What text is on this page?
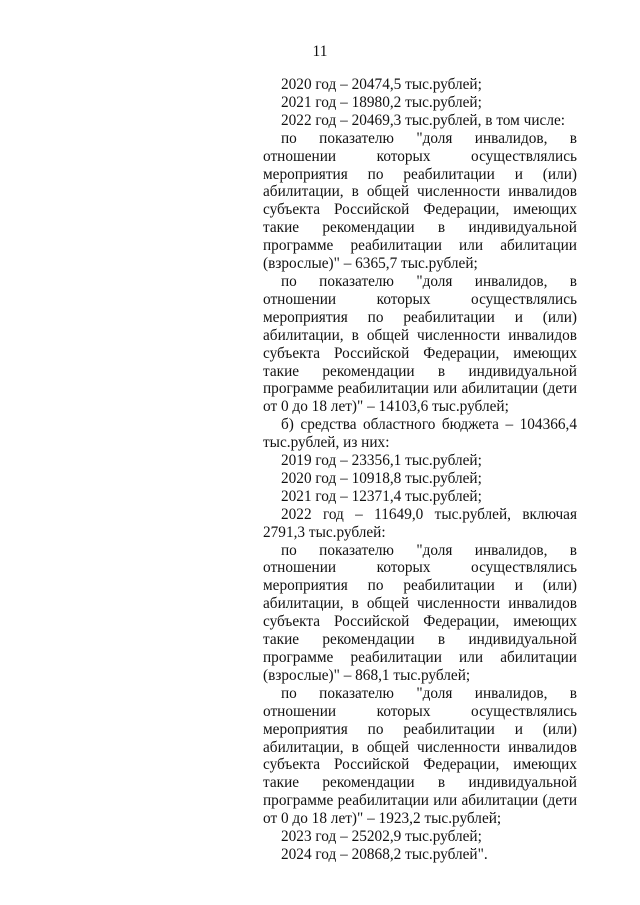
11

2020 год – 20474,5 тыс.рублей;

2021 год – 18980,2 тыс.рублей;

2022 год – 20469,3 тыс.рублей, в том числе:

по показателю "доля инвалидов, в отношении которых осуществлялись мероприятия по реабилитации и (или) абилитации, в общей численности инвалидов субъекта Российской Федерации, имеющих такие рекомендации в индивидуальной программе реабилитации или абилитации (взрослые)" – 6365,7 тыс.рублей;

по показателю "доля инвалидов, в отношении которых осуществлялись мероприятия по реабилитации и (или) абилитации, в общей численности инвалидов субъекта Российской Федерации, имеющих такие рекомендации в индивидуальной программе реабилитации или абилитации (дети от 0 до 18 лет)" – 14103,6 тыс.рублей;

б) средства областного бюджета – 104366,4 тыс.рублей, из них:

2019 год – 23356,1 тыс.рублей;

2020 год – 10918,8 тыс.рублей;

2021 год – 12371,4 тыс.рублей;

2022 год – 11649,0 тыс.рублей, включая 2791,3 тыс.рублей:

по показателю "доля инвалидов, в отношении которых осуществлялись мероприятия по реабилитации и (или) абилитации, в общей численности инвалидов субъекта Российской Федерации, имеющих такие рекомендации в индивидуальной программе реабилитации или абилитации (взрослые)" – 868,1 тыс.рублей;

по показателю "доля инвалидов, в отношении которых осуществлялись мероприятия по реабилитации и (или) абилитации, в общей численности инвалидов субъекта Российской Федерации, имеющих такие рекомендации в индивидуальной программе реабилитации или абилитации (дети от 0 до 18 лет)" – 1923,2 тыс.рублей;

2023 год – 25202,9 тыс.рублей;

2024 год – 20868,2 тыс.рублей".
